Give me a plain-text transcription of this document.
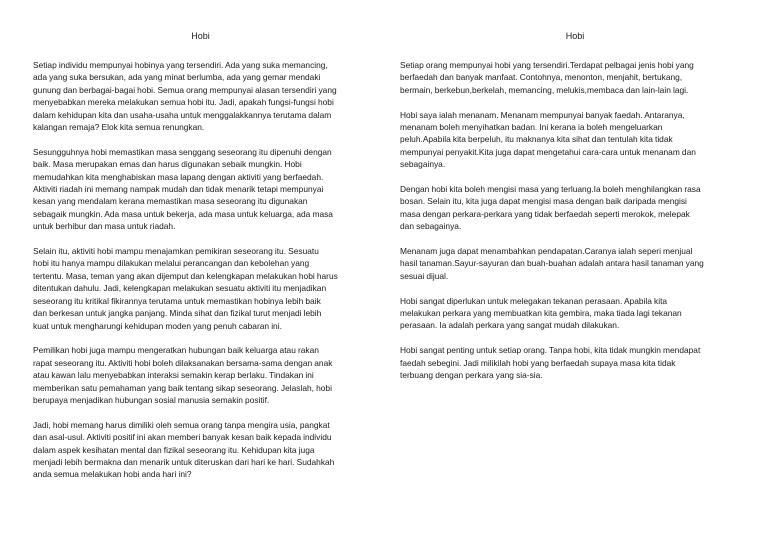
Hobi

Setiap individu mempunyai hobinya yang tersendiri. Ada yang suka memancing,
ada yang suka bersukan, ada yang minat berlumba, ada yang gemar mendaki
gunung dan berbagai-bagai hobi. Semua orang mempunyai alasan tersendiri yang
menyebabkan mereka melakukan semua hobi itu. Jadi, apakah fungsi-fungsi hobi
dalam kehidupan kita dan usaha-usaha untuk menggalakkannya terutama dalam
kalangan remaja? Elok kita semua renungkan.

Sesungguhnya hobi memastikan masa senggang seseorang itu dipenuhi dengan
baik. Masa merupakan emas dan harus digunakan sebaik mungkin. Hobi
memudahkan kita menghabiskan masa lapang dengan aktiviti yang berfaedah.
Aktiviti riadah ini memang nampak mudah dan tidak menarik tetapi mempunyai
kesan yang mendalam kerana memastikan masa seseorang itu digunakan
sebagaik mungkin. Ada masa untuk bekerja, ada masa untuk keluarga, ada masa
untuk berhibur dan masa untuk riadah.

Selain itu, aktiviti hobi mampu menajamkan pemikiran seseorang itu. Sesuatu
hobi itu hanya mampu dilakukan melalui perancangan dan kebolehan yang
tertentu. Masa, teman yang akan dijemput dan kelengkapan melakukan hobi harus
ditentukan dahulu. Jadi, kelengkapan melakukan sesuatu aktiviti itu menjadikan
seseorang itu kritikal fikirannya terutama untuk memastikan hobinya lebih baik
dan berkesan untuk jangka panjang. Minda sihat dan fizikal turut menjadi lebih
kuat untuk mengharungi kehidupan moden yang penuh cabaran ini.

Pemilikan hobi juga mampu mengeratkan hubungan baik keluarga atau rakan
rapat seseorang itu. Aktiviti hobi boleh dilaksanakan bersama-sama dengan anak
atau kawan lalu menyebabkan interaksi semakin kerap berlaku. Tindakan ini
memberikan satu pemahaman yang baik tentang sikap seseorang. Jelaslah, hobi
berupaya menjadikan hubungan sosial manusia semakin positif.

Jadi, hobi memang harus dimiliki oleh semua orang tanpa mengira usia, pangkat
dan asal-usul. Aktiviti positif ini akan memberi banyak kesan baik kepada individu
dalam aspek kesihatan mental dan fizikal seseorang itu. Kehidupan kita juga
menjadi lebih bermakna dan menarik untuk diteruskan dari hari ke hari. Sudahkah
anda semua melakukan hobi anda hari ini?

Hobi

Setiap orang mempunyai hobi yang tersendiri.Terdapat pelbagai jenis hobi yang
berfaedah dan banyak manfaat. Contohnya, menonton, menjahit, bertukang,
bermain, berkebun,berkelah, memancing, melukis,membaca dan lain-lain lagi.

Hobi saya ialah menanam. Menanam mempunyai banyak faedah. Antaranya,
menanam boleh menyihatkan badan. Ini kerana ia boleh mengeluarkan
peluh.Apabila kita berpeluh, itu maknanya kita sihat dan tentulah kita tidak
mempunyai penyakit.Kita juga dapat mengetahui cara-cara untuk menanam dan
sebagainya.

Dengan hobi kita boleh mengisi masa yang terluang.Ia boleh menghilangkan rasa
bosan. Selain itu, kita juga dapat mengisi masa dengan baik daripada mengisi
masa dengan perkara-perkara yang tidak berfaedah seperti merokok, melepak
dan sebagainya.

Menanam juga dapat menambahkan pendapatan.Caranya ialah seperi menjual
hasil tanaman.Sayur-sayuran dan buah-buahan adalah antara hasil tanaman yang
sesuai dijual.

Hobi sangat diperlukan untuk melegakan tekanan perasaan. Apabila kita
melakukan perkara yang membuatkan kita gembira, maka tiada lagi tekanan
perasaan. Ia adalah perkara yang sangat mudah dilakukan.

Hobi sangat penting untuk setiap orang. Tanpa hobi, kita tidak mungkin mendapat
faedah sebegini. Jadi milikilah hobi yang berfaedah supaya masa kita tidak
terbuang dengan perkara yang sia-sia.
